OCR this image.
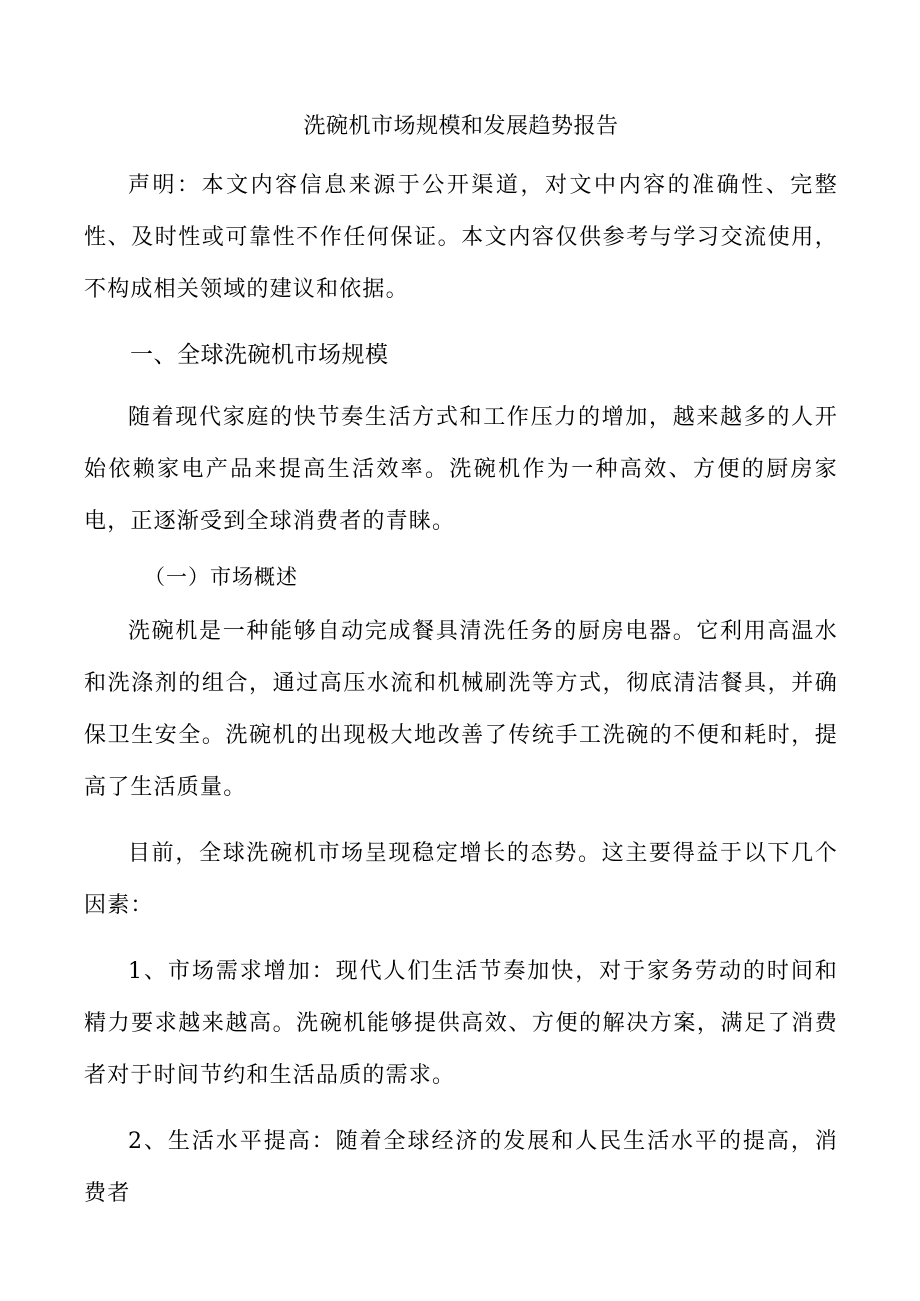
洗碗机市场规模和发展趋势报告

声明：本文内容信息来源于公开渠道，对文中内容的准确性、完整性、及时性或可靠性不作任何保证。本文内容仅供参考与学习交流使用，不构成相关领域的建议和依据。

一、全球洗碗机市场规模

随着现代家庭的快节奏生活方式和工作压力的增加，越来越多的人开始依赖家电产品来提高生活效率。洗碗机作为一种高效、方便的厨房家电，正逐渐受到全球消费者的青睐。

（一）市场概述

洗碗机是一种能够自动完成餐具清洗任务的厨房电器。它利用高温水和洗涤剂的组合，通过高压水流和机械刷洗等方式，彻底清洁餐具，并确保卫生安全。洗碗机的出现极大地改善了传统手工洗碗的不便和耗时，提高了生活质量。

目前，全球洗碗机市场呈现稳定增长的态势。这主要得益于以下几个因素：

1、市场需求增加：现代人们生活节奏加快，对于家务劳动的时间和精力要求越来越高。洗碗机能够提供高效、方便的解决方案，满足了消费者对于时间节约和生活品质的需求。

2、生活水平提高：随着全球经济的发展和人民生活水平的提高，消费者
